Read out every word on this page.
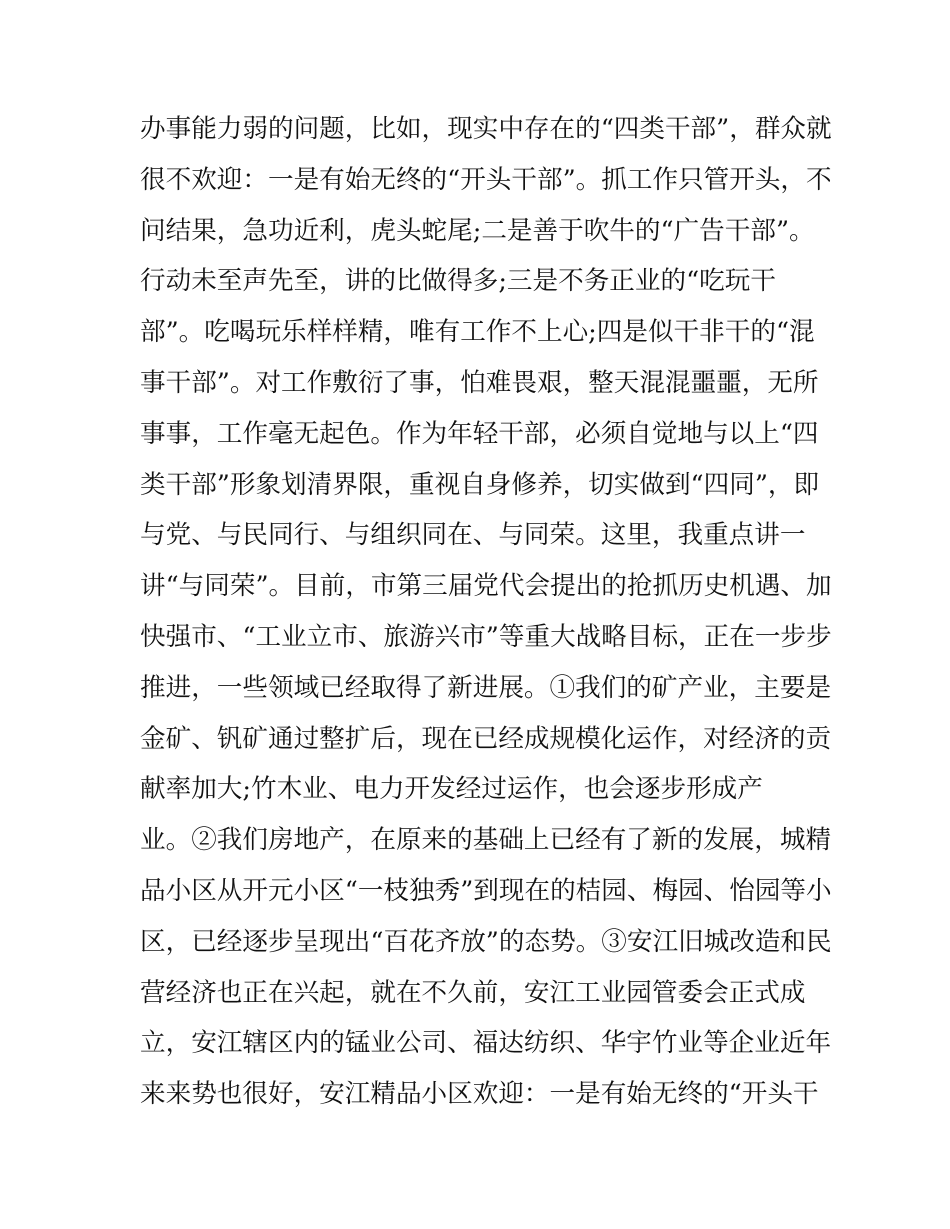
办事能力弱的问题，比如，现实中存在的“四类干部”，群众就
很不欢迎：一是有始无终的“开头干部”。抓工作只管开头，不
问结果，急功近利，虎头蛇尾;二是善于吹牛的“广告干部”。
行动未至声先至，讲的比做得多;三是不务正业的“吃玩干
部”。吃喝玩乐样样精，唯有工作不上心;四是似干非干的“混
事干部”。对工作敷衍了事，怕难畏艰，整天混混噩噩，无所
事事，工作毫无起色。作为年轻干部，必须自觉地与以上“四
类干部”形象划清界限，重视自身修养，切实做到“四同”，即
与党、与民同行、与组织同在、与同荣。这里，我重点讲一
讲“与同荣”。目前，市第三届党代会提出的抢抓历史机遇、加
快强市、“工业立市、旅游兴市”等重大战略目标，正在一步步
推进，一些领域已经取得了新进展。①我们的矿产业，主要是
金矿、钒矿通过整扩后，现在已经成规模化运作，对经济的贡
献率加大;竹木业、电力开发经过运作，也会逐步形成产
业。②我们房地产，在原来的基础上已经有了新的发展，城精
品小区从开元小区“一枝独秀”到现在的桔园、梅园、怡园等小
区，已经逐步呈现出“百花齐放”的态势。③安江旧城改造和民
营经济也正在兴起，就在不久前，安江工业园管委会正式成
立，安江辖区内的锰业公司、福达纺织、华宇竹业等企业近年
来来势也很好，安江精品小区欢迎：一是有始无终的“开头干
